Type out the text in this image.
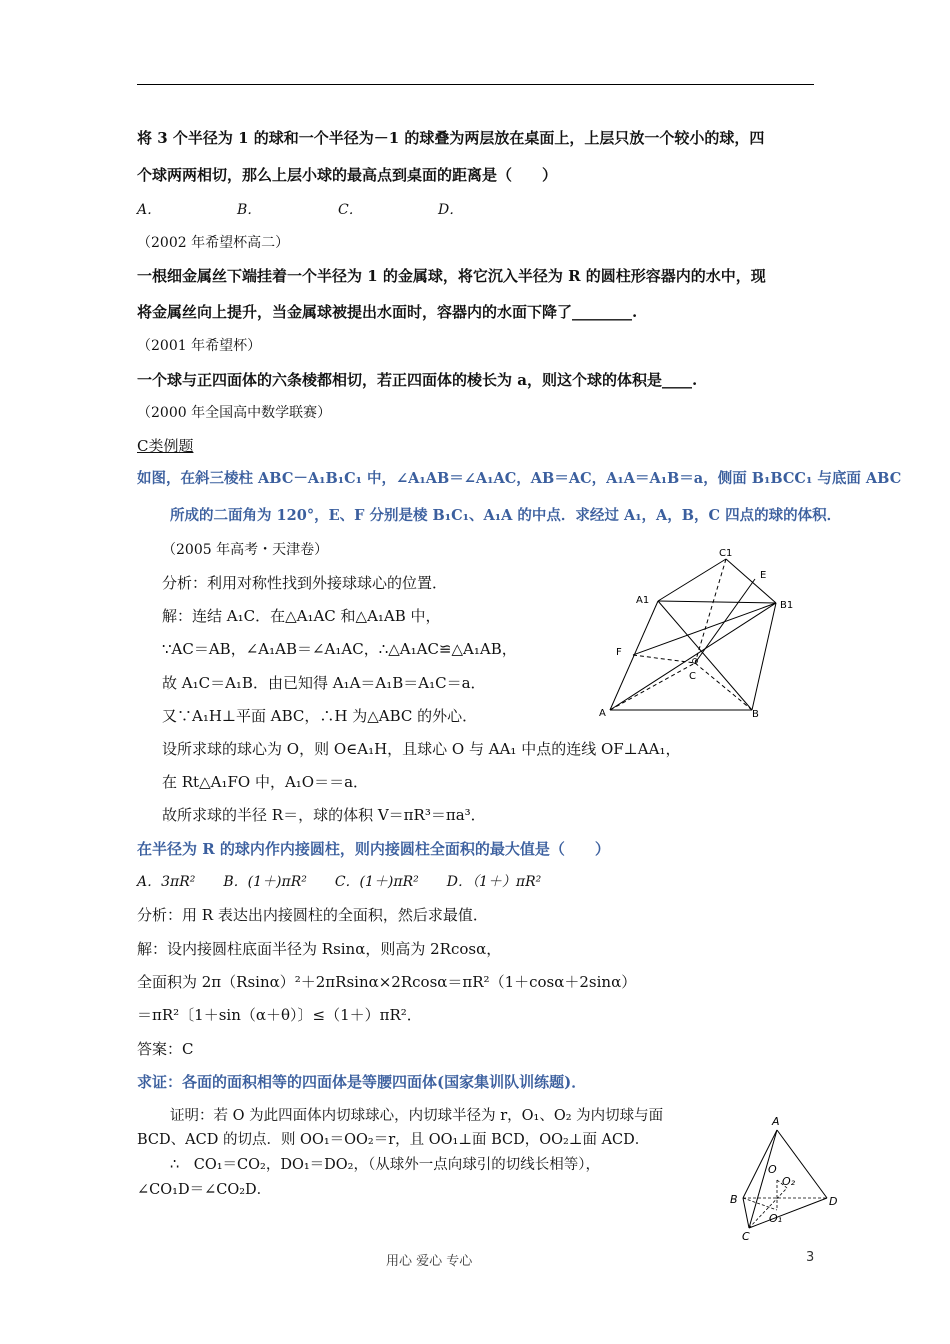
将 3 个半径为 1 的球和一个半径为－1 的球叠为两层放在桌面上，上层只放一个较小的球，四
个球两两相切，那么上层小球的最高点到桌面的距离是（　　）
A．	B．	C．	D．
（2002 年希望杯高二）
一根细金属丝下端挂着一个半径为 1 的金属球，将它沉入半径为 R 的圆柱形容器内的水中，现
将金属丝向上提升，当金属球被提出水面时，容器内的水面下降了________.
（2001 年希望杯）
一个球与正四面体的六条棱都相切，若正四面体的棱长为 a，则这个球的体积是____.
（2000 年全国高中数学联赛）
C类例题
如图，在斜三棱柱 ABC－A₁B₁C₁ 中，∠A₁AB＝∠A₁AC，AB＝AC，A₁A＝A₁B＝a，侧面 B₁BCC₁ 与底面 ABC
所成的二面角为 120°，E、F 分别是棱 B₁C₁、A₁A 的中点．求经过 A₁，A，B，C 四点的球的体积．
（2005 年高考・天津卷）
分析：利用对称性找到外接球球心的位置．
解：连结 A₁C．在△A₁AC 和△A₁AB 中，
∵AC＝AB，∠A₁AB＝∠A₁AC，∴△A₁AC≌△A₁AB，
故 A₁C＝A₁B．由已知得 A₁A＝A₁B＝A₁C＝a．
又∵A₁H⊥平面 ABC，∴H 为△ABC 的外心．
设所求球的球心为 O，则 O∈A₁H，且球心 O 与 AA₁ 中点的连线 OF⊥AA₁，
在 Rt△A₁FO 中，A₁O＝＝a．
故所求球的半径 R＝，球的体积 V＝πR³＝πa³．
C1
E
A1	B1
F
C
A	B
在半径为 R 的球内作内接圆柱，则内接圆柱全面积的最大值是（　　）
A．3πR²　　B．(1＋)πR²　　C．(1＋)πR²　　D．（1＋）πR²
分析：用 R 表达出内接圆柱的全面积，然后求最值．
解：设内接圆柱底面半径为 Rsinα，则高为 2Rcosα，
全面积为 2π（Rsinα）²＋2πRsinα×2Rcosα＝πR²（1＋cosα＋2sinα）
＝πR²〔1＋sin（α＋θ）〕≤（1＋）πR²．
答案：C
求证：各面的面积相等的四面体是等腰四面体(国家集训队训练题)．
证明：若 O 为此四面体内切球球心，内切球半径为 r，O₁、O₂ 为内切球与面
BCD、ACD 的切点．则 OO₁＝OO₂＝r，且 OO₁⊥面 BCD，OO₂⊥面 ACD．
∴　CO₁＝CO₂，DO₁＝DO₂，（从球外一点向球引的切线长相等），
∠CO₁D＝∠CO₂D．
A
O
O₂
B	D
O₁
C
用心 爱心 专心	3
